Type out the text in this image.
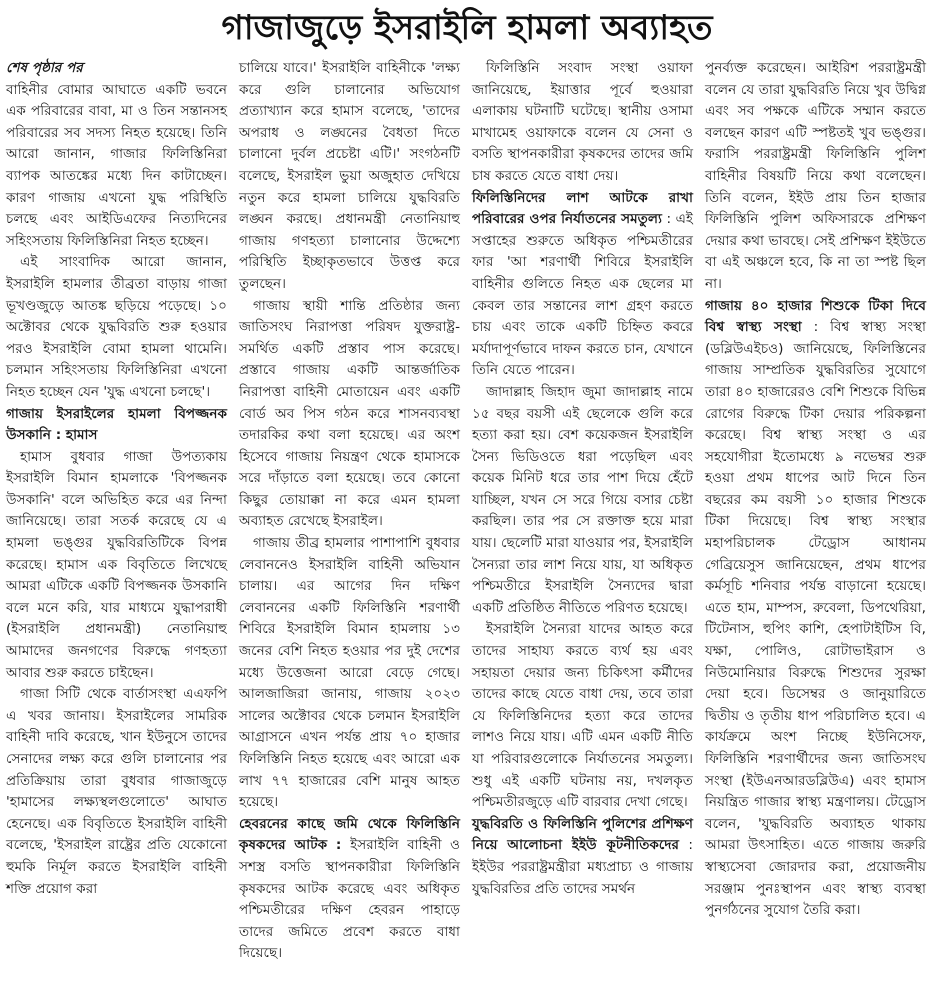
গাজাজুড়ে ইসরাইলি হামলা অব্যাহত

শেষ পৃষ্ঠার পর

বাহিনীর বোমার আঘাতে একটি ভবনে এক পরিবারের বাবা, মা ও তিন সন্তানসহ পরিবারের সব সদস্য নিহত হয়েছে। তিনি আরো জানান, গাজার ফিলিস্তিনিরা ব্যাপক আতঙ্কের মধ্যে দিন কাটাচ্ছেন। কারণ গাজায় এখনো যুদ্ধ পরিস্থিতি চলছে এবং আইডিএফের নিত্যদিনের সহিংসতায় ফিলিস্তিনিরা নিহত হচ্ছেন।

এই সাংবাদিক আরো জানান, ইসরাইলি হামলার তীব্রতা বাড়ায় গাজা ভূখণ্ডজুড়ে আতঙ্ক ছড়িয়ে পড়েছে। ১০ অক্টোবর থেকে যুদ্ধবিরতি শুরু হওয়ার পরও ইসরাইলি বোমা হামলা থামেনি। চলমান সহিংসতায় ফিলিস্তিনিরা এখনো নিহত হচ্ছেন যেন 'যুদ্ধ এখনো চলছে'।

গাজায় ইসরাইলের হামলা বিপজ্জনক উসকানি : হামাস

হামাস বুধবার গাজা উপত্যকায় ইসরাইলি বিমান হামলাকে 'বিপজ্জনক উসকানি' বলে অভিহিত করে এর নিন্দা জানিয়েছে। তারা সতর্ক করেছে যে এ হামলা ভঙ্গুর যুদ্ধবিরতিটিকে বিপন্ন করেছে। হামাস এক বিবৃতিতে লিখেছে আমরা এটিকে একটি বিপজ্জনক উসকানি বলে মনে করি, যার মাধ্যমে যুদ্ধাপরাধী (ইসরাইলি প্রধানমন্ত্রী) নেতানিয়াহু আমাদের জনগণের বিরুদ্ধে গণহত্যা আবার শুরু করতে চাইছেন।

গাজা সিটি থেকে বার্তাসংস্থা এএফপি এ খবর জানায়। ইসরাইলের সামরিক বাহিনী দাবি করেছে, খান ইউনুসে তাদের সেনাদের লক্ষ্য করে গুলি চালানোর পর প্রতিক্রিয়ায় তারা বুধবার গাজাজুড়ে 'হামাসের লক্ষ্যস্থলগুলোতে' আঘাত হেনেছে। এক বিবৃতিতে ইসরাইলি বাহিনী বলেছে, 'ইসরাইল রাষ্ট্রের প্রতি যেকোনো হুমকি নির্মূল করতে ইসরাইলি বাহিনী শক্তি প্রয়োগ করা

চালিয়ে যাবে।' ইসরাইলি বাহিনীকে 'লক্ষ্য করে গুলি চালানোর অভিযোগ প্রত্যাখ্যান করে হামাস বলেছে, 'তাদের অপরাধ ও লঙ্ঘনের বৈধতা দিতে চালানো দুর্বল প্রচেষ্টা এটি।' সংগঠনটি বলেছে, ইসরাইল ভুয়া অজুহাত দেখিয়ে নতুন করে হামলা চালিয়ে যুদ্ধবিরতি লঙ্ঘন করছে। প্রধানমন্ত্রী নেতানিয়াহু গাজায় গণহত্যা চালানোর উদ্দেশ্যে পরিস্থিতি ইচ্ছাকৃতভাবে উত্তপ্ত করে তুলছেন।

গাজায় স্থায়ী শান্তি প্রতিষ্ঠার জন্য জাতিসংঘ নিরাপত্তা পরিষদ যুক্তরাষ্ট্র-সমর্থিত একটি প্রস্তাব পাস করেছে। প্রস্তাবে গাজায় একটি আন্তর্জাতিক নিরাপত্তা বাহিনী মোতায়েন এবং একটি বোর্ড অব পিস গঠন করে শাসনব্যবস্থা তদারকির কথা বলা হয়েছে। এর অংশ হিসেবে গাজায় নিয়ন্ত্রণ থেকে হামাসকে সরে দাঁড়াতে বলা হয়েছে। তবে কোনো কিছুর তোয়াক্কা না করে এমন হামলা অব্যাহত রেখেছে ইসরাইল।

গাজায় তীব্র হামলার পাশাপাশি বুধবার লেবাননেও ইসরাইলি বাহিনী অভিযান চালায়। এর আগের দিন দক্ষিণ লেবাননের একটি ফিলিস্তিনি শরণার্থী শিবিরে ইসরাইলি বিমান হামলায় ১৩ জনের বেশি নিহত হওয়ার পর দুই দেশের মধ্যে উত্তেজনা আরো বেড়ে গেছে। আলজাজিরা জানায়, গাজায় ২০২৩ সালের অক্টোবর থেকে চলমান ইসরাইলি আগ্রাসনে এখন পর্যন্ত প্রায় ৭০ হাজার ফিলিস্তিনি নিহত হয়েছে এবং আরো এক লাখ ৭৭ হাজারের বেশি মানুষ আহত হয়েছে।

হেবরনের কাছে জমি থেকে ফিলিস্তিনি কৃষকদের আটক : ইসরাইলি বাহিনী ও সশস্ত্র বসতি স্থাপনকারীরা ফিলিস্তিনি কৃষকদের আটক করেছে এবং অধিকৃত পশ্চিমতীরের দক্ষিণ হেবরন পাহাড়ে তাদের জমিতে প্রবেশ করতে বাধা দিয়েছে।

ফিলিস্তিনি সংবাদ সংস্থা ওয়াফা জানিয়েছে, ইয়াত্তার পূর্বে হুওয়ারা এলাকায় ঘটনাটি ঘটেছে। স্থানীয় ওসামা মাখামেহ ওয়াফাকে বলেন যে সেনা ও বসতি স্থাপনকারীরা কৃষকদের তাদের জমি চাষ করতে যেতে বাধা দেয়।

ফিলিস্তিনিদের লাশ আটকে রাখা পরিবারের ওপর নির্যাতনের সমতুল্য : এই সপ্তাহের শুরুতে অধিকৃত পশ্চিমতীরের ফার 'আ শরণার্থী শিবিরে ইসরাইলি বাহিনীর গুলিতে নিহত এক ছেলের মা কেবল তার সন্তানের লাশ গ্রহণ করতে চায় এবং তাকে একটি চিহ্নিত কবরে মর্যাদাপূর্ণভাবে দাফন করতে চান, যেখানে তিনি যেতে পারেন।

জাদাল্লাহ জিহাদ জুমা জাদাল্লাহ নামে ১৫ বছর বয়সী এই ছেলেকে গুলি করে হত্যা করা হয়। বেশ কয়েকজন ইসরাইলি সৈন্য ভিডিওতে ধরা পড়েছিল এবং কয়েক মিনিট ধরে তার পাশ দিয়ে হেঁটে যাচ্ছিল, যখন সে সরে গিয়ে বসার চেষ্টা করছিল। তার পর সে রক্তাক্ত হয়ে মারা যায়। ছেলেটি মারা যাওয়ার পর, ইসরাইলি সৈন্যরা তার লাশ নিয়ে যায়, যা অধিকৃত পশ্চিমতীরে ইসরাইলি সৈন্যদের দ্বারা একটি প্রতিষ্ঠিত নীতিতে পরিণত হয়েছে।

ইসরাইলি সৈন্যরা যাদের আহত করে তাদের সাহায্য করতে ব্যর্থ হয় এবং সহায়তা দেয়ার জন্য চিকিৎসা কর্মীদের তাদের কাছে যেতে বাধা দেয়, তবে তারা যে ফিলিস্তিনিদের হত্যা করে তাদের লাশও নিয়ে যায়। এটি এমন একটি নীতি যা পরিবারগুলোকে নির্যাতনের সমতুল্য। শুধু এই একটি ঘটনায় নয়, দখলকৃত পশ্চিমতীরজুড়ে এটি বারবার দেখা গেছে।

যুদ্ধবিরতি ও ফিলিস্তিনি পুলিশের প্রশিক্ষণ নিয়ে আলোচনা ইইউ কূটনীতিকদের : ইইউর পররাষ্ট্রমন্ত্রীরা মধ্যপ্রাচ্য ও গাজায় যুদ্ধবিরতির প্রতি তাদের সমর্থন

পুনর্ব্যক্ত করেছেন। আইরিশ পররাষ্ট্রমন্ত্রী বলেন যে তারা যুদ্ধবিরতি নিয়ে খুব উদ্বিগ্ন এবং সব পক্ষকে এটিকে সম্মান করতে বলছেন কারণ এটি স্পষ্টতই খুব ভঙ্গুর। ফরাসি পররাষ্ট্রমন্ত্রী ফিলিস্তিনি পুলিশ বাহিনীর বিষয়টি নিয়ে কথা বলেছেন। তিনি বলেন, ইইউ প্রায় তিন হাজার ফিলিস্তিনি পুলিশ অফিসারকে প্রশিক্ষণ দেয়ার কথা ভাবছে। সেই প্রশিক্ষণ ইইউতে বা এই অঞ্চলে হবে, কি না তা স্পষ্ট ছিল না।

গাজায় ৪০ হাজার শিশুকে টিকা দিবে বিশ্ব স্বাস্থ্য সংস্থা : বিশ্ব স্বাস্থ্য সংস্থা (ডব্লিউএইচও) জানিয়েছে, ফিলিস্তিনের গাজায় সাম্প্রতিক যুদ্ধবিরতির সুযোগে তারা ৪০ হাজারেরও বেশি শিশুকে বিভিন্ন রোগের বিরুদ্ধে টিকা দেয়ার পরিকল্পনা করেছে। বিশ্ব স্বাস্থ্য সংস্থা ও এর সহযোগীরা ইতোমধ্যে ৯ নভেম্বর শুরু হওয়া প্রথম ধাপের আট দিনে তিন বছরের কম বয়সী ১০ হাজার শিশুকে টিকা দিয়েছে। বিশ্ব স্বাস্থ্য সংস্থার মহাপরিচালক টেড্রোস আধানম গেব্রিয়েসুস জানিয়েছেন, প্রথম ধাপের কর্মসূচি শনিবার পর্যন্ত বাড়ানো হয়েছে। এতে হাম, মাম্পস, রুবেলা, ডিপথেরিয়া, টিটেনাস, হুপিং কাশি, হেপাটাইটিস বি, যক্ষা, পোলিও, রোটাভাইরাস ও নিউমোনিয়ার বিরুদ্ধে শিশুদের সুরক্ষা দেয়া হবে। ডিসেম্বর ও জানুয়ারিতে দ্বিতীয় ও তৃতীয় ধাপ পরিচালিত হবে। এ কার্যক্রমে অংশ নিচ্ছে ইউনিসেফ, ফিলিস্তিনি শরণার্থীদের জন্য জাতিসংঘ সংস্থা (ইউএনআরডব্লিউএ) এবং হামাস নিয়ন্ত্রিত গাজার স্বাস্থ্য মন্ত্রণালয়। টেড্রোস বলেন, 'যুদ্ধবিরতি অব্যাহত থাকায় আমরা উৎসাহিত। এতে গাজায় জরুরি স্বাস্থ্যসেবা জোরদার করা, প্রয়োজনীয় সরঞ্জাম পুনঃস্থাপন এবং স্বাস্থ্য ব্যবস্থা পুনর্গঠনের সুযোগ তৈরি করা।
